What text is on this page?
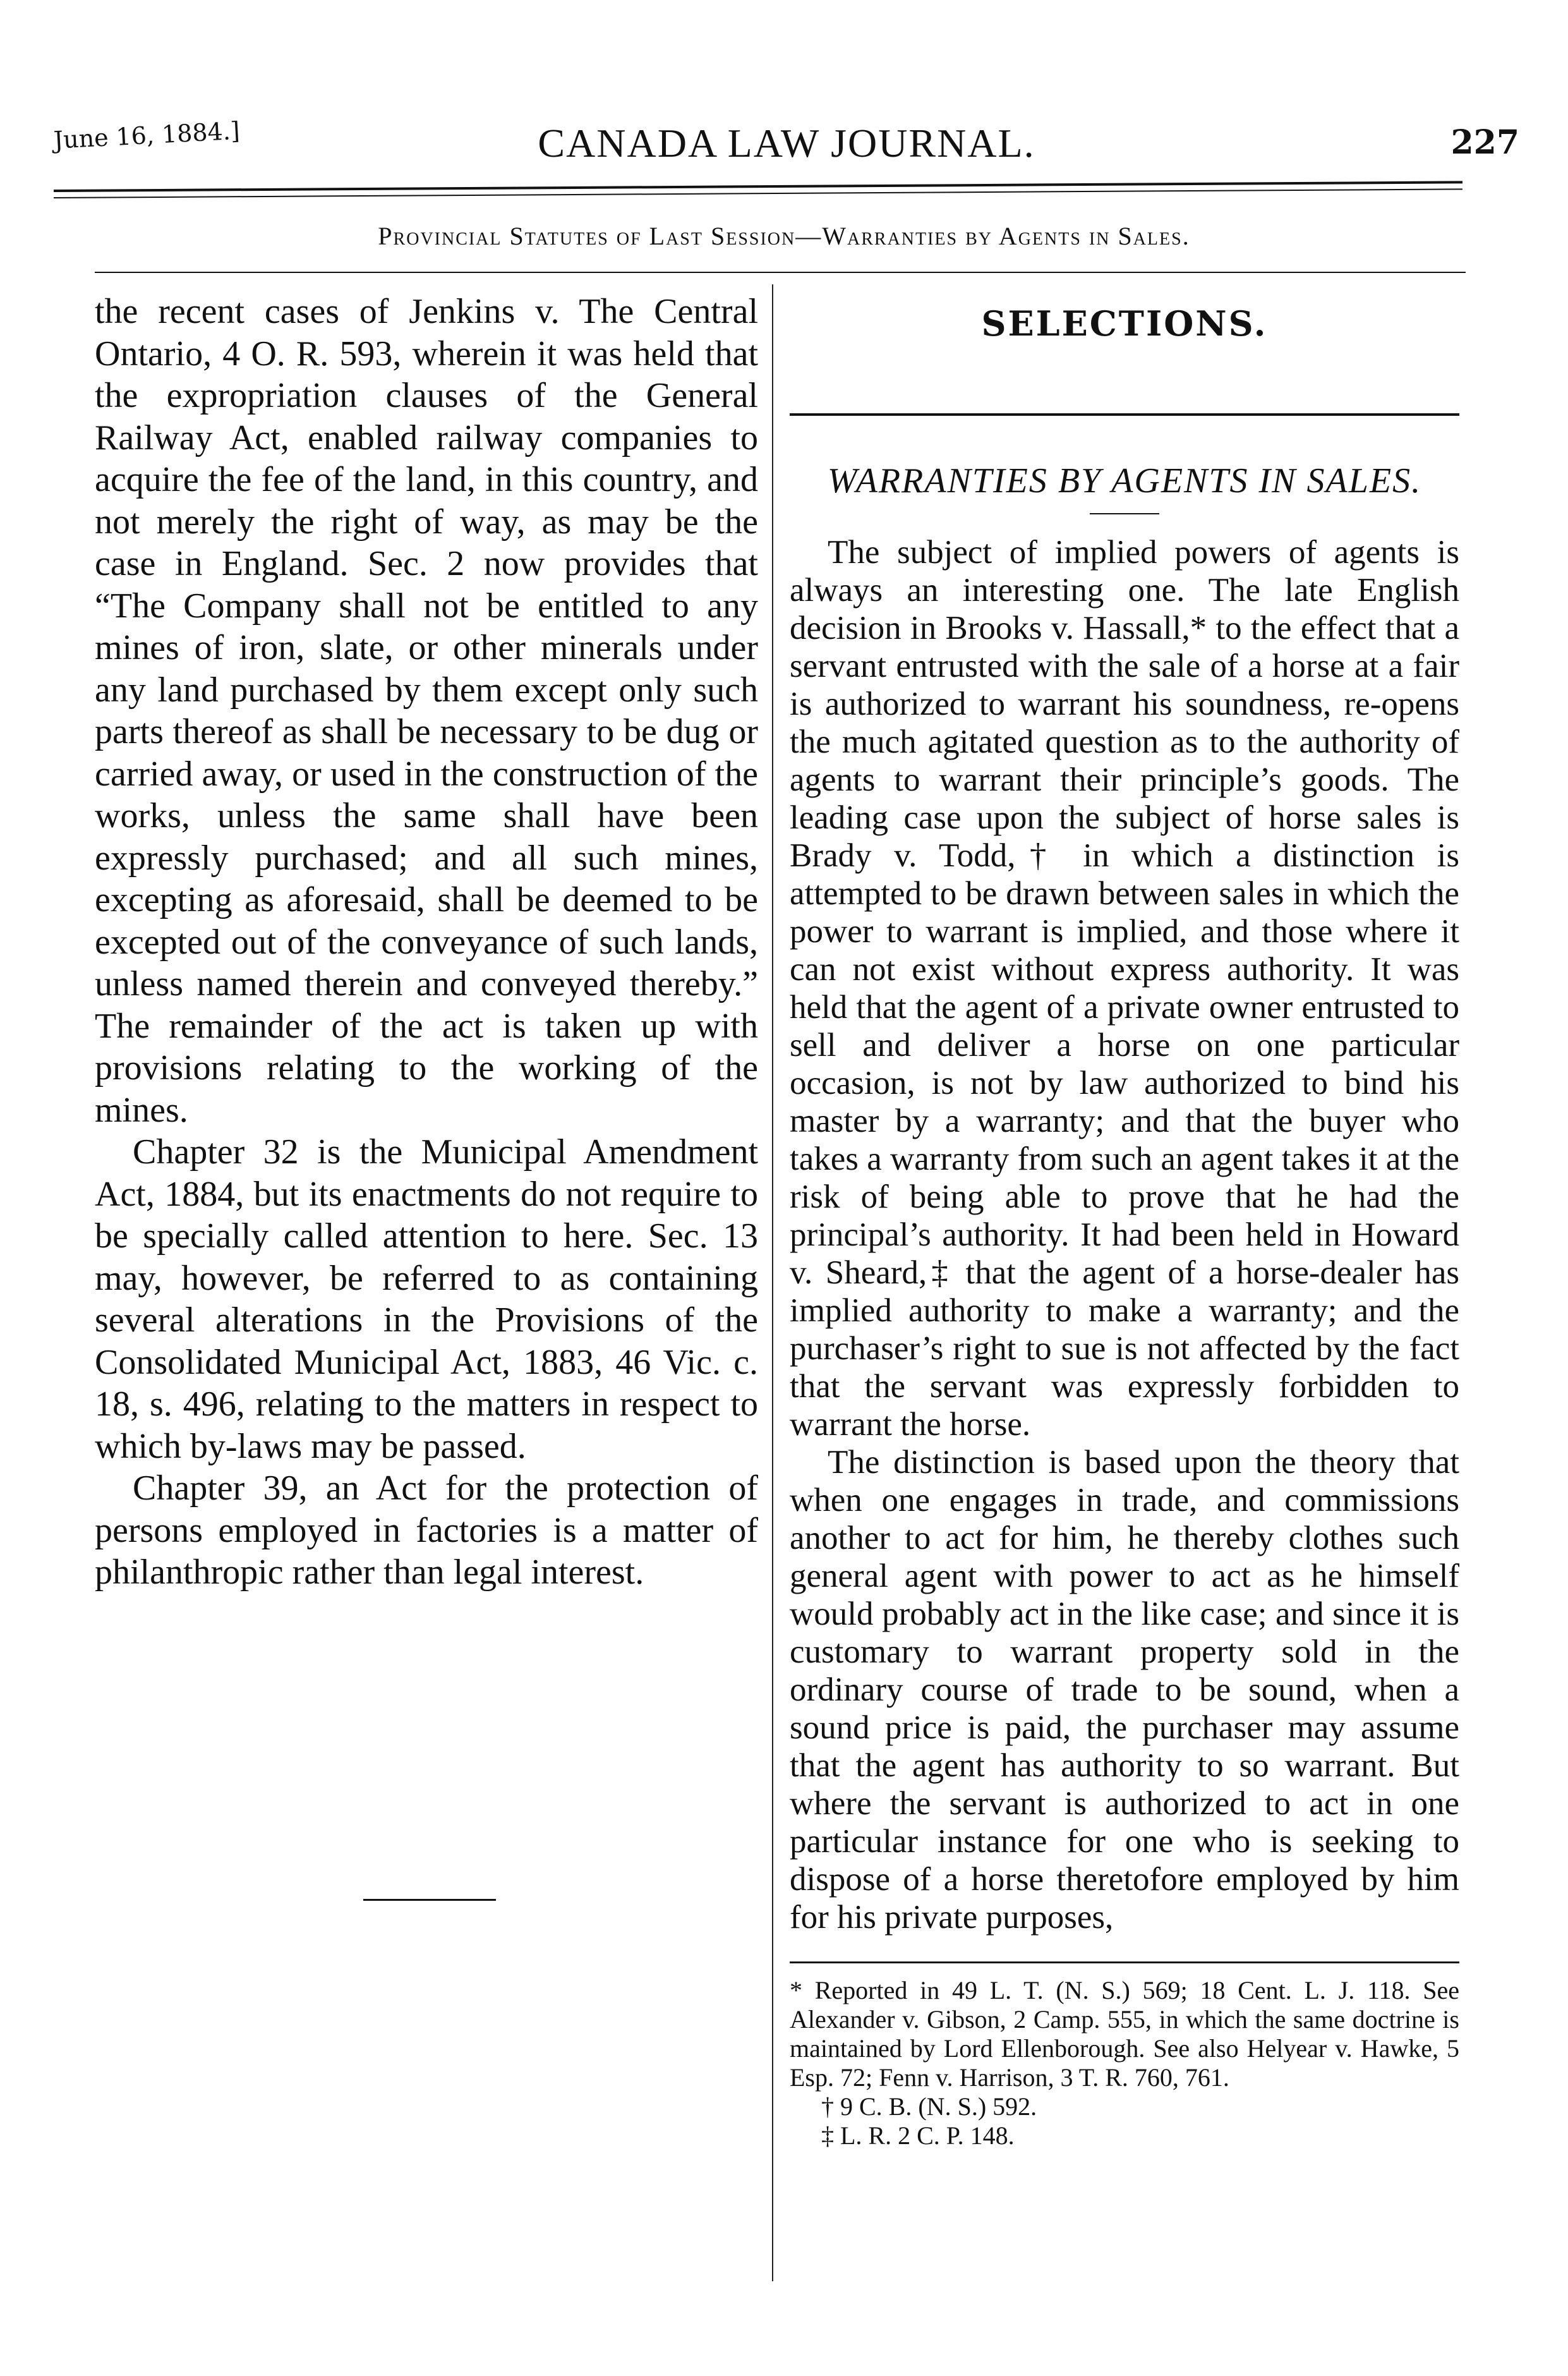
June 16, 1884.]	CANADA LAW JOURNAL.	227
Provincial Statutes of Last Session—Warranties by Agents in Sales.

the recent cases of Jenkins v. The Central Ontario, 4 O. R. 593, wherein it was held that the expropriation clauses of the General Railway Act, enabled railway companies to acquire the fee of the land, in this country, and not merely the right of way, as may be the case in England. Sec. 2 now provides that “The Company shall not be entitled to any mines of iron, slate, or other minerals under any land purchased by them except only such parts thereof as shall be necessary to be dug or carried away, or used in the construction of the works, unless the same shall have been expressly purchased; and all such mines, excepting as aforesaid, shall be deemed to be excepted out of the conveyance of such lands, unless named therein and conveyed thereby.” The remainder of the act is taken up with provisions relating to the working of the mines.

Chapter 32 is the Municipal Amendment Act, 1884, but its enactments do not require to be specially called attention to here. Sec. 13 may, however, be referred to as containing several alterations in the Provisions of the Consolidated Municipal Act, 1883, 46 Vic. c. 18, s. 496, relating to the matters in respect to which by-laws may be passed.

Chapter 39, an Act for the protection of persons employed in factories is a matter of philanthropic rather than legal interest.

SELECTIONS.
WARRANTIES BY AGENTS IN SALES.

The subject of implied powers of agents is always an interesting one. The late English decision in Brooks v. Hassall,* to the effect that a servant entrusted with the sale of a horse at a fair is authorized to warrant his soundness, re-opens the much agitated question as to the authority of agents to warrant their principle’s goods. The leading case upon the subject of horse sales is Brady v. Todd,† in which a distinction is attempted to be drawn between sales in which the power to warrant is implied, and those where it can not exist without express authority. It was held that the agent of a private owner entrusted to sell and deliver a horse on one particular occasion, is not by law authorized to bind his master by a warranty; and that the buyer who takes a warranty from such an agent takes it at the risk of being able to prove that he had the principal’s authority. It had been held in Howard v. Sheard,‡ that the agent of a horse-dealer has implied authority to make a warranty; and the purchaser’s right to sue is not affected by the fact that the servant was expressly forbidden to warrant the horse.

The distinction is based upon the theory that when one engages in trade, and commissions another to act for him, he thereby clothes such general agent with power to act as he himself would probably act in the like case; and since it is customary to warrant property sold in the ordinary course of trade to be sound, when a sound price is paid, the purchaser may assume that the agent has authority to so warrant. But where the servant is authorized to act in one particular instance for one who is seeking to dispose of a horse theretofore employed by him for his private purposes,

* Reported in 49 L. T. (N. S.) 569; 18 Cent. L. J. 118. See Alexander v. Gibson, 2 Camp. 555, in which the same doctrine is maintained by Lord Ellenborough. See also Helyear v. Hawke, 5 Esp. 72; Fenn v. Harrison, 3 T. R. 760, 761.

† 9 C. B. (N. S.) 592.

‡ L. R. 2 C. P. 148.
